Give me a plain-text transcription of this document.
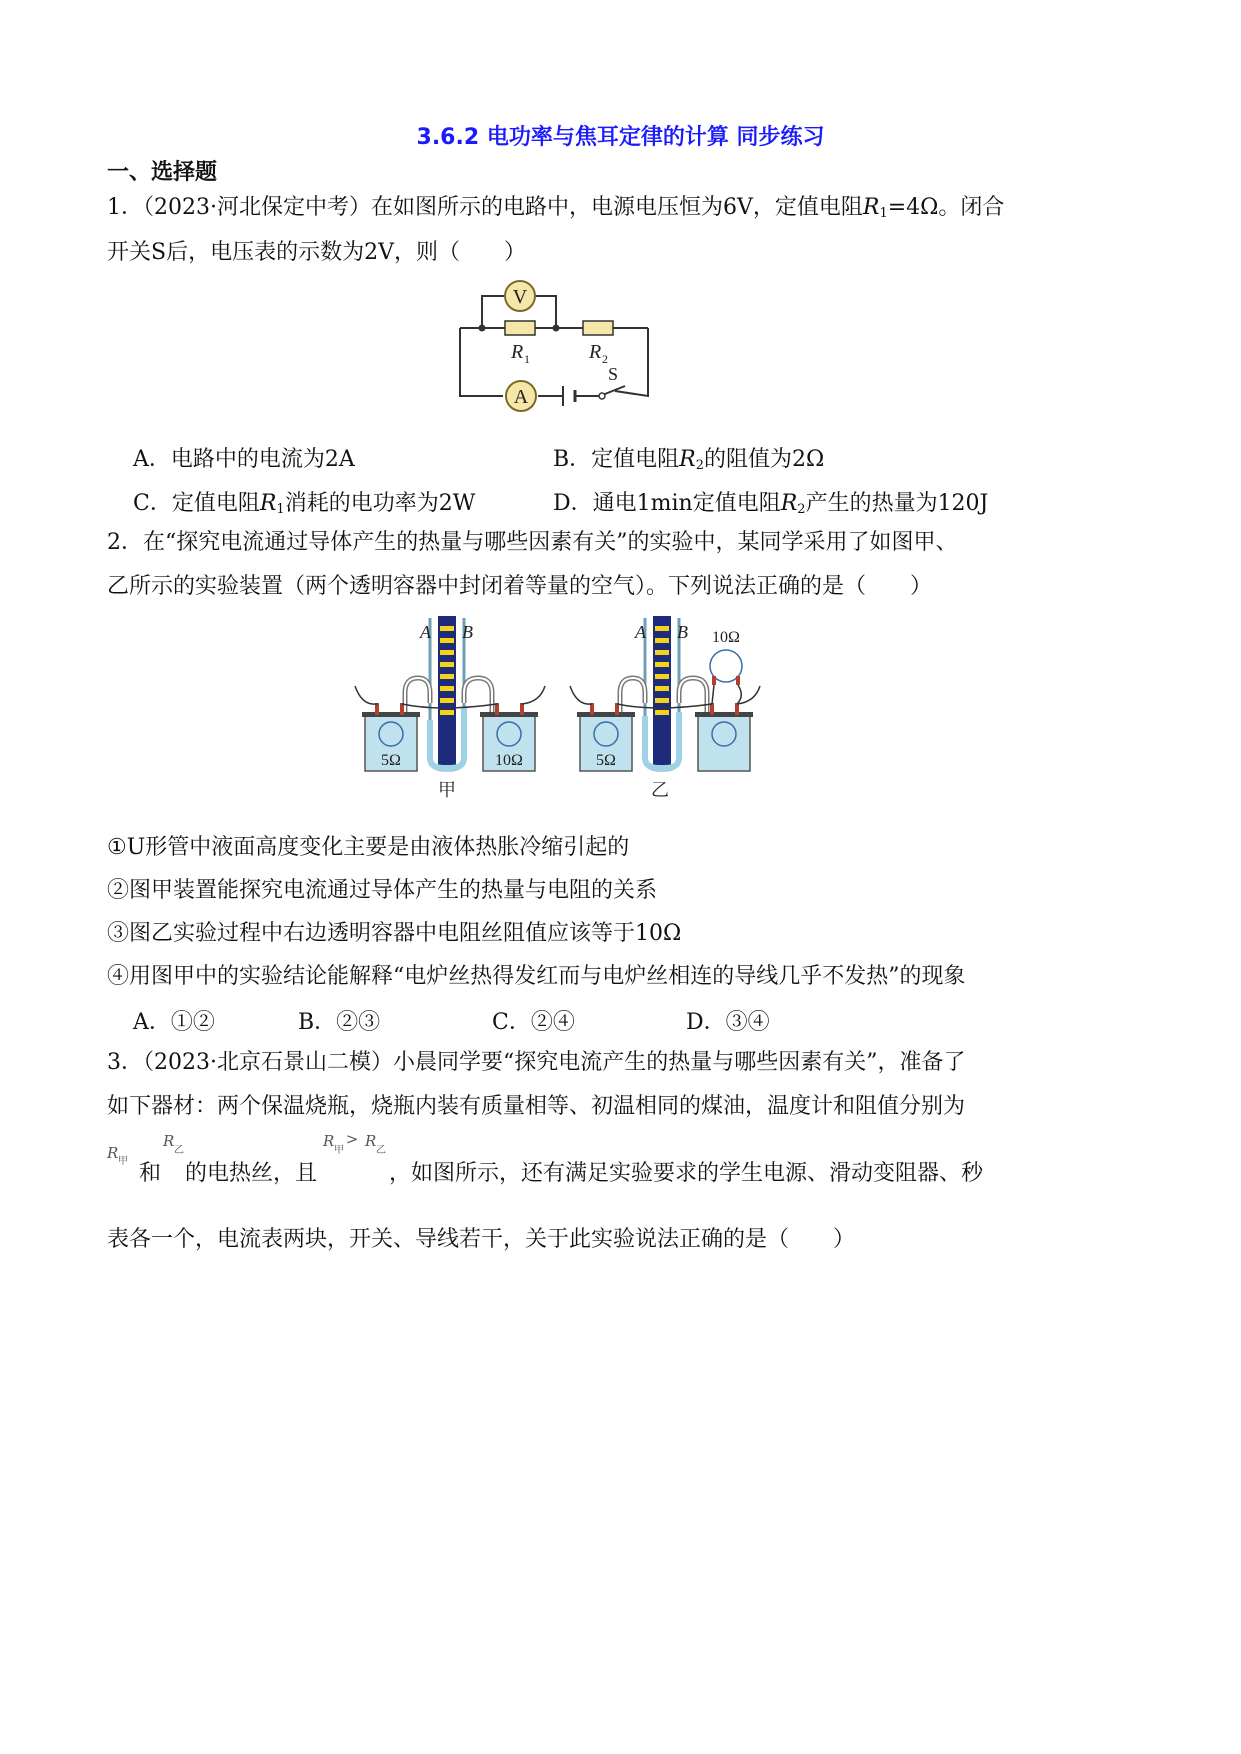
3.6.2 电功率与焦耳定律的计算 同步练习
一、选择题
1．（2023·河北保定中考）在如图所示的电路中，电源电压恒为6V，定值电阻$R_1=4\Omega$。闭合
开关S后，电压表的示数为2V，则（　　）
V
R 1	R 2
A
S
A．电路中的电流为2A	B．定值电阻$R_2$的阻值为2Ω
C．定值电阻$R_1$消耗的电功率为2W	D．通电1min定值电阻$R_2$产生的热量为120J
2．在“探究电流通过导体产生的热量与哪些因素有关”的实验中，某同学采用了如图甲、
乙所示的实验装置（两个透明容器中封闭着等量的空气）。下列说法正确的是（　　）
A B
5Ω	10Ω
甲
A B 10Ω
5Ω
乙
①U形管中液面高度变化主要是由液体热胀冷缩引起的
②图甲装置能探究电流通过导体产生的热量与电阻的关系
③图乙实验过程中右边透明容器中电阻丝阻值应该等于10Ω
④用图甲中的实验结论能解释“电炉丝热得发红而与电炉丝相连的导线几乎不发热”的现象
A．①②	B．②③	C．②④	D．③④
3．（2023·北京石景山二模）小晨同学要“探究电流产生的热量与哪些因素有关”，准备了
如下器材：两个保温烧瓶，烧瓶内装有质量相等、初温相同的煤油，温度计和阻值分别为
R 甲 和
R
乙
的电热丝，且
R
甲
> R
乙
，如图所示，还有满足实验要求的学生电源、滑动变阻器、秒
表各一个，电流表两块，开关、导线若干，关于此实验说法正确的是（　　）
